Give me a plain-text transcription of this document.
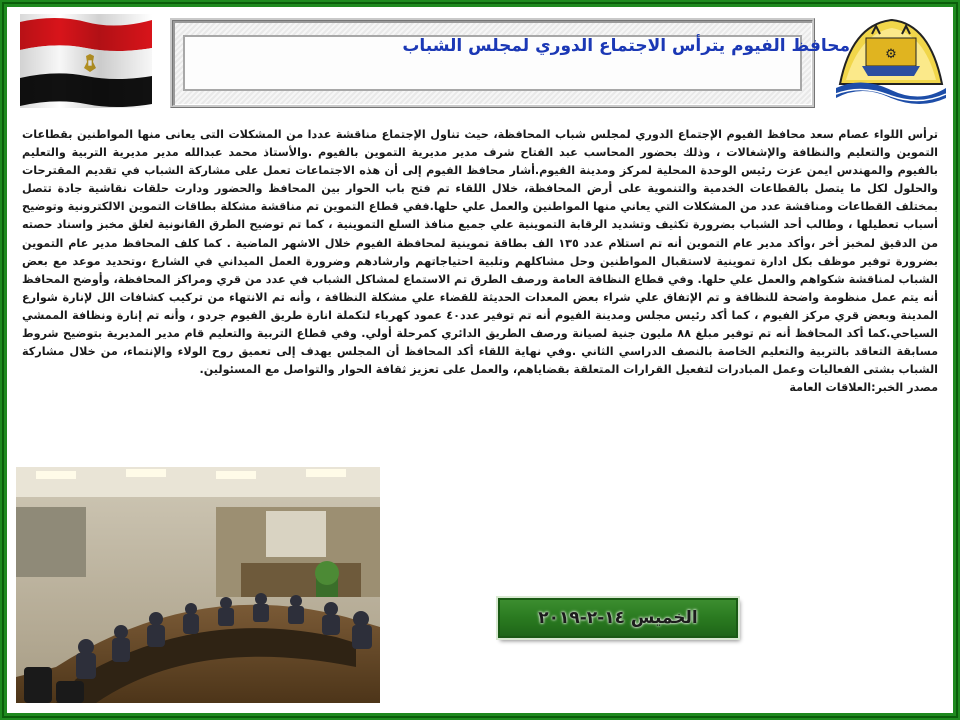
محافظ الفيوم يترأس الاجتماع الدوري لمجلس الشباب	⚙

ترأس اللواء عصام سعد محافظ الفيوم الإجتماع الدوري لمجلس شباب المحافظة، حيث تناول الإجتماع مناقشة عددا من المشكلات التى يعانى منها المواطنين بقطاعات التموين والتعليم والنظافة والإشغالات ، وذلك بحضور المحاسب عبد الفتاح شرف مدير مديرية التموين بالفيوم .والأستاذ محمد عبدالله مدير مديرية التربية والتعليم بالفيوم والمهندس ايمن عزت رئيس الوحدة المحلية لمركز ومدينة الفيوم.أشار محافظ الفيوم إلى أن هذه الاجتماعات تعمل على مشاركة الشباب في تقديم المقترحات والحلول لكل ما يتصل بالقطاعات الخدمية والتنموية على أرض المحافظة، خلال اللقاء تم فتح باب الحوار بين المحافظ والحضور ودارت حلقات نقاشية جادة تتصل بمختلف القطاعات ومناقشة عدد من المشكلات التي يعاني منها المواطنين والعمل علي حلها.ففي قطاع التموين تم مناقشة مشكلة بطاقات التموين الالكترونية وتوضيح أسباب تعطيلها ، وطالب أحد الشباب بضرورة تكثيف وتشديد الرقابة التموينية علي جميع منافذ السلع التموينية ، كما تم توضيح الطرق القانونية لغلق مخبز واسناد حصته من الدقيق لمخبز أخر ،وأكد مدير عام التموين أنه تم استلام عدد ١٣٥ الف بطاقة تموينية لمحافظة الفيوم خلال الاشهر الماضية . كما كلف المحافظ مدير عام التموين بضرورة توفير موظف بكل ادارة تموينية لاستقبال المواطنين وحل مشاكلهم وتلبية احتياجاتهم وارشادهم وضرورة العمل الميداني في الشارع ،وتحديد موعد مع بعض الشباب لمناقشة شكواهم والعمل علي حلها. وفي قطاع النظافة العامة ورصف الطرق تم الاستماع لمشاكل الشباب في عدد من قري ومراكز المحافظة، وأوضح المحافظ أنه يتم عمل منظومة واضحة للنظافة و تم الإتفاق علي شراء بعض المعدات الحديثة للقضاء علي مشكلة النظافة ، وأنه تم الانتهاء من تركيب كشافات الل لإنارة شوارع المدينة وبعض قري مركز الفيوم ، كما أكد رئيس مجلس ومدينة الفيوم أنه تم توفير عدد٤٠ عمود كهرباء لتكملة انارة طريق الفيوم جردو ، وأنه تم إنارة ونظافة الممشي السياحي.كما أكد المحافظ أنه تم توفير مبلغ ٨٨ مليون جنية لصيانة ورصف الطريق الدائري كمرحلة أولي. وفي قطاع التربية والتعليم قام مدير المديرية بتوضيح شروط مسابقة التعاقد بالتربية والتعليم الخاصة بالنصف الدراسي الثاني .وفي نهاية اللقاء أكد المحافظ أن المجلس يهدف إلى تعميق روح الولاء والإنتماء، من خلال مشاركة الشباب بشتى الفعاليات وعمل المبادرات لتفعيل القرارات المتعلقة بقضاياهم، والعمل على تعزيز ثقافة الحوار والتواصل مع المسئولين.

مصدر الخبر:العلاقات العامة

الخميس ١٤-٢-٢٠١٩
